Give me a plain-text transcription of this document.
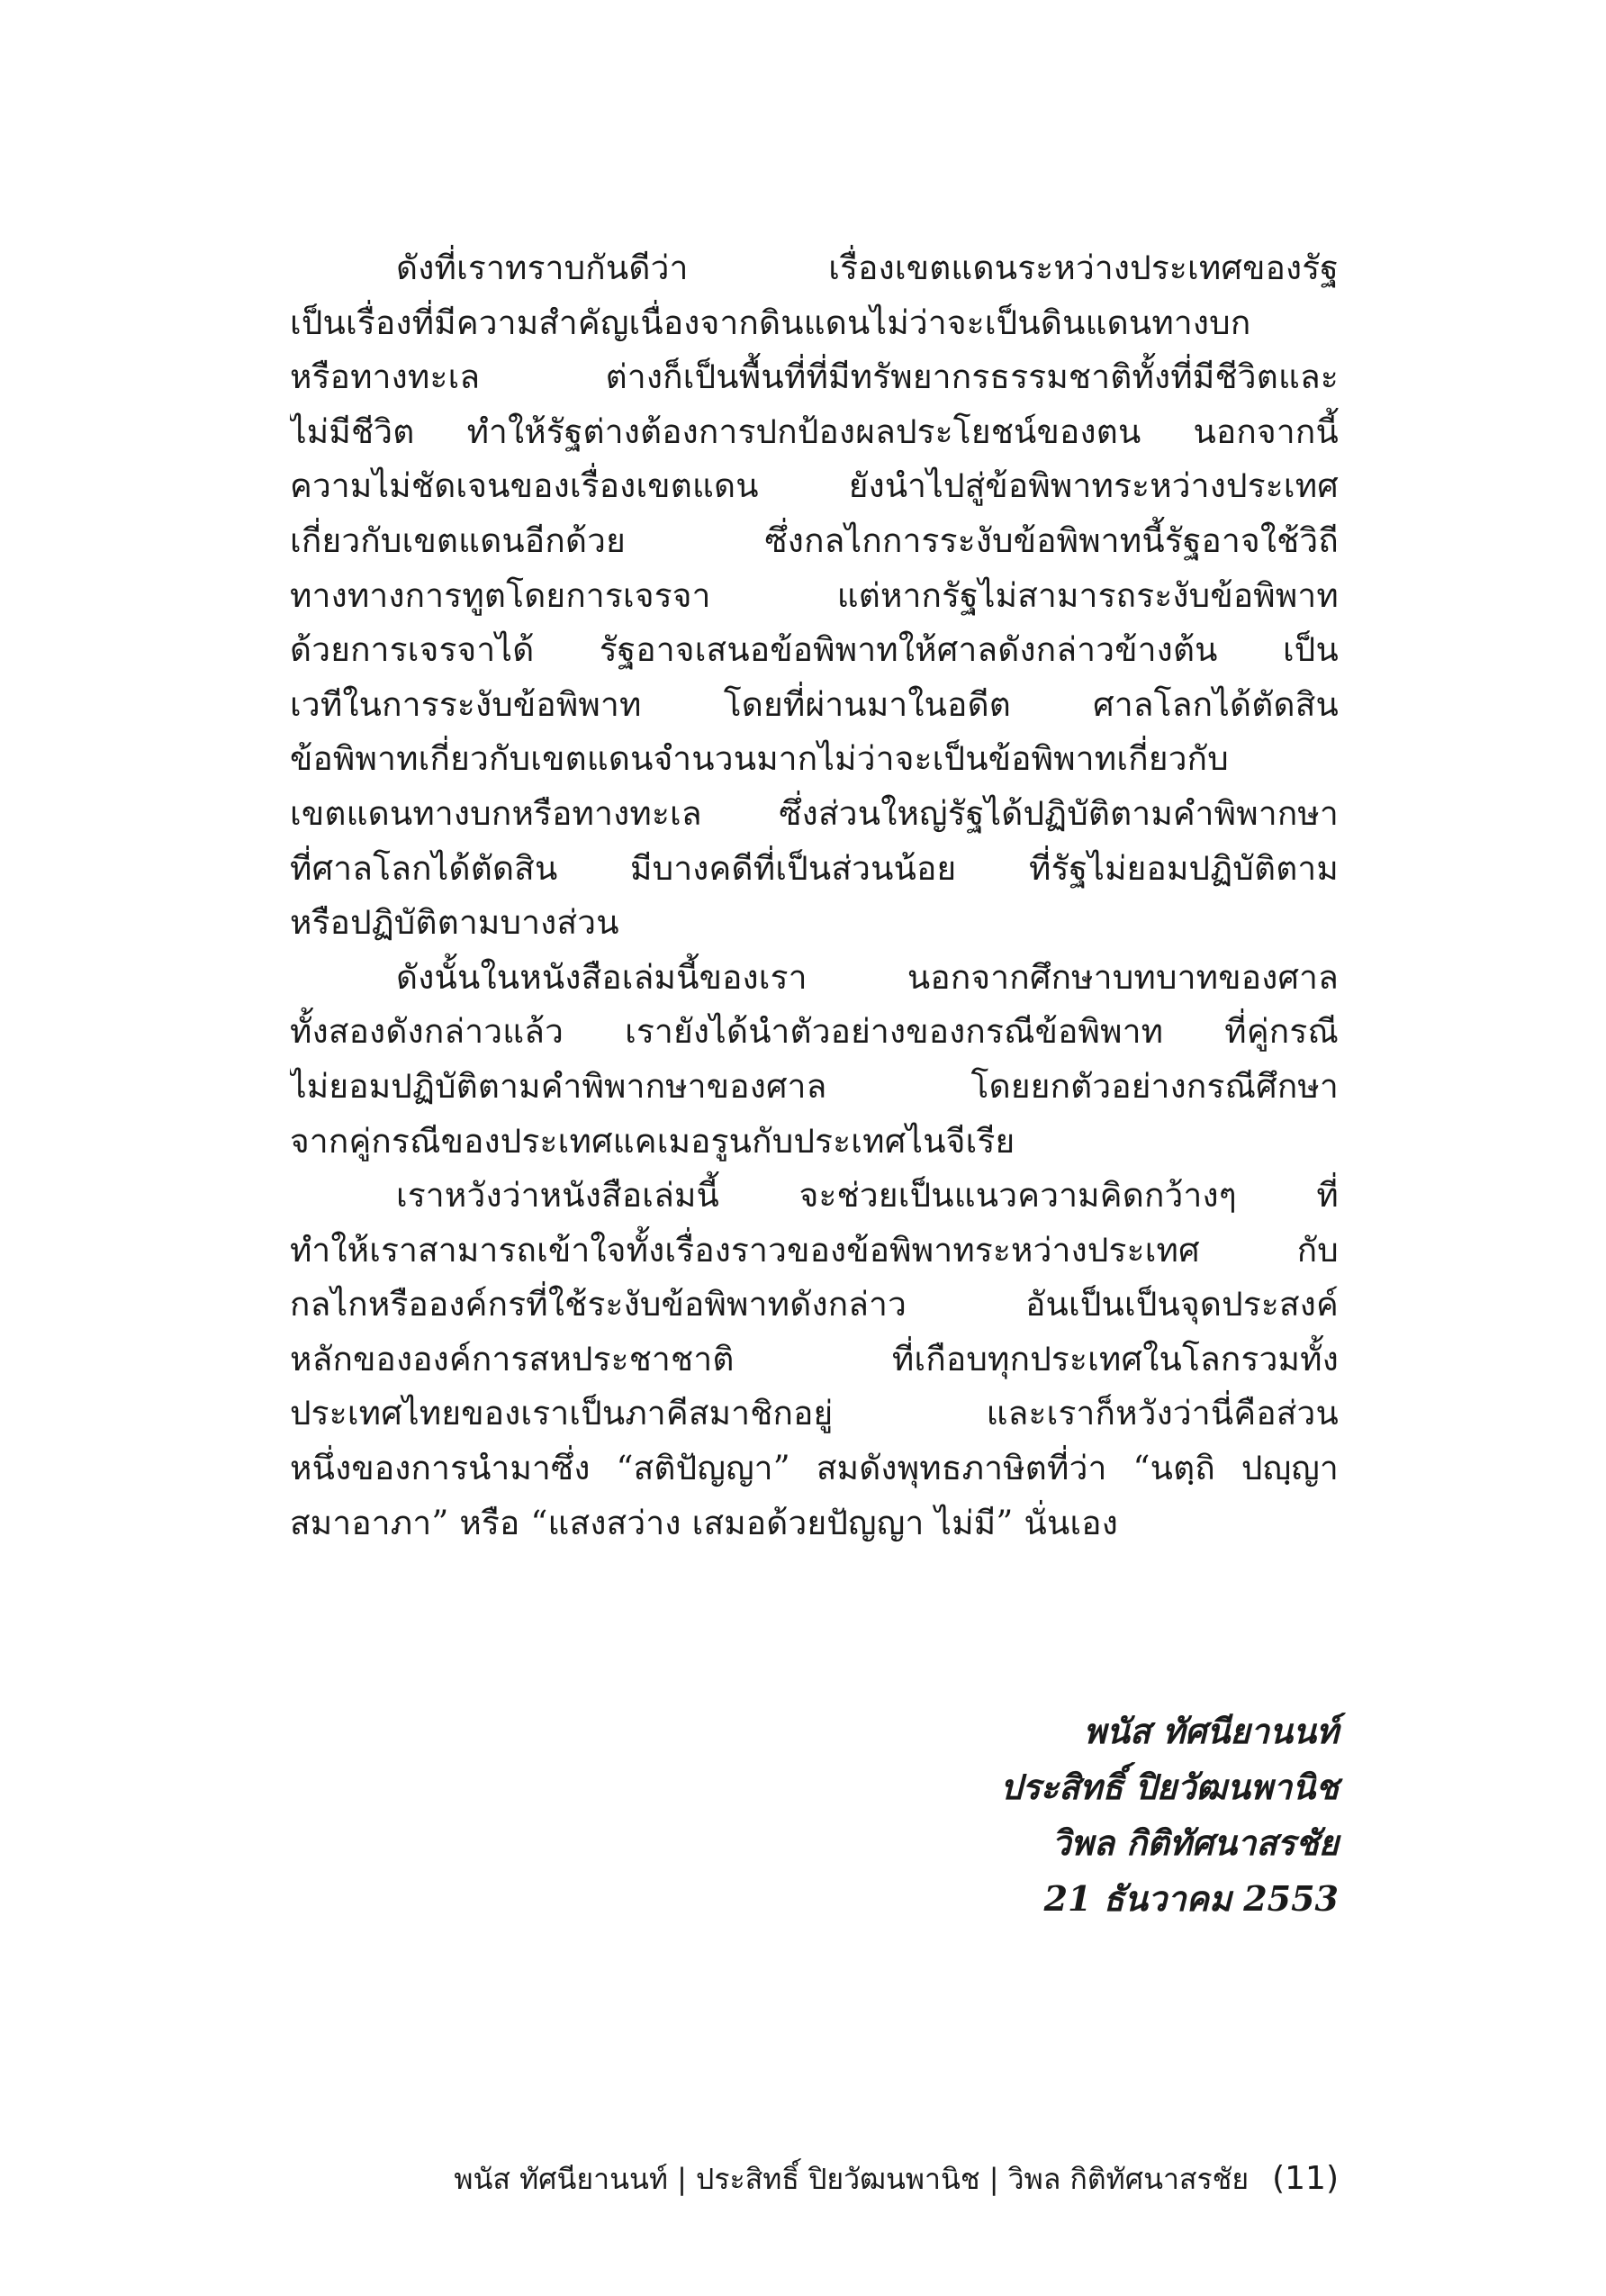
ดังที่เราทราบกันดีว่า เรื่องเขตแดนระหว่างประเทศของรัฐ
เป็นเรื่องที่มีความสำคัญเนื่องจากดินแดนไม่ว่าจะเป็นดินแดนทางบก
หรือทางทะเล ต่างก็เป็นพื้นที่ที่มีทรัพยากรธรรมชาติทั้งที่มีชีวิตและ
ไม่มีชีวิต ทำให้รัฐต่างต้องการปกป้องผลประโยชน์ของตน นอกจากนี้
ความไม่ชัดเจนของเรื่องเขตแดน ยังนำไปสู่ข้อพิพาทระหว่างประเทศ
เกี่ยวกับเขตแดนอีกด้วย ซึ่งกลไกการระงับข้อพิพาทนี้รัฐอาจใช้วิถี
ทางทางการทูตโดยการเจรจา แต่หากรัฐไม่สามารถระงับข้อพิพาท
ด้วยการเจรจาได้ รัฐอาจเสนอข้อพิพาทให้ศาลดังกล่าวข้างต้น เป็น
เวทีในการระงับข้อพิพาท โดยที่ผ่านมาในอดีต ศาลโลกได้ตัดสิน
ข้อพิพาทเกี่ยวกับเขตแดนจำนวนมากไม่ว่าจะเป็นข้อพิพาทเกี่ยวกับ
เขตแดนทางบกหรือทางทะเล ซึ่งส่วนใหญ่รัฐได้ปฏิบัติตามคำพิพากษา
ที่ศาลโลกได้ตัดสิน มีบางคดีที่เป็นส่วนน้อย ที่รัฐไม่ยอมปฏิบัติตาม
หรือปฏิบัติตามบางส่วน
ดังนั้นในหนังสือเล่มนี้ของเรา นอกจากศึกษาบทบาทของศาล
ทั้งสองดังกล่าวแล้ว เรายังได้นำตัวอย่างของกรณีข้อพิพาท ที่คู่กรณี
ไม่ยอมปฏิบัติตามคำพิพากษาของศาล โดยยกตัวอย่างกรณีศึกษา
จากคู่กรณีของประเทศแคเมอรูนกับประเทศไนจีเรีย
เราหวังว่าหนังสือเล่มนี้ จะช่วยเป็นแนวความคิดกว้างๆ ที่
ทำให้เราสามารถเข้าใจทั้งเรื่องราวของข้อพิพาทระหว่างประเทศ กับ
กลไกหรือองค์กรที่ใช้ระงับข้อพิพาทดังกล่าว อันเป็นเป็นจุดประสงค์
หลักขององค์การสหประชาชาติ ที่เกือบทุกประเทศในโลกรวมทั้ง
ประเทศไทยของเราเป็นภาคีสมาชิกอยู่ และเราก็หวังว่านี่คือส่วน
หนึ่งของการนำมาซึ่ง “สติปัญญา” สมดังพุทธภาษิตที่ว่า “นตฺถิ ปญฺญา
สมาอาภา” หรือ “แสงสว่าง เสมอด้วยปัญญา ไม่มี” นั่นเอง
พนัส ทัศนียานนท์
ประสิทธิ์ ปิยวัฒนพานิช
วิพล กิติทัศนาสรชัย
21 ธันวาคม 2553
พนัส ทัศนียานนท์ | ประสิทธิ์ ปิยวัฒนพานิช | วิพล กิติทัศนาสรชัย (11)
